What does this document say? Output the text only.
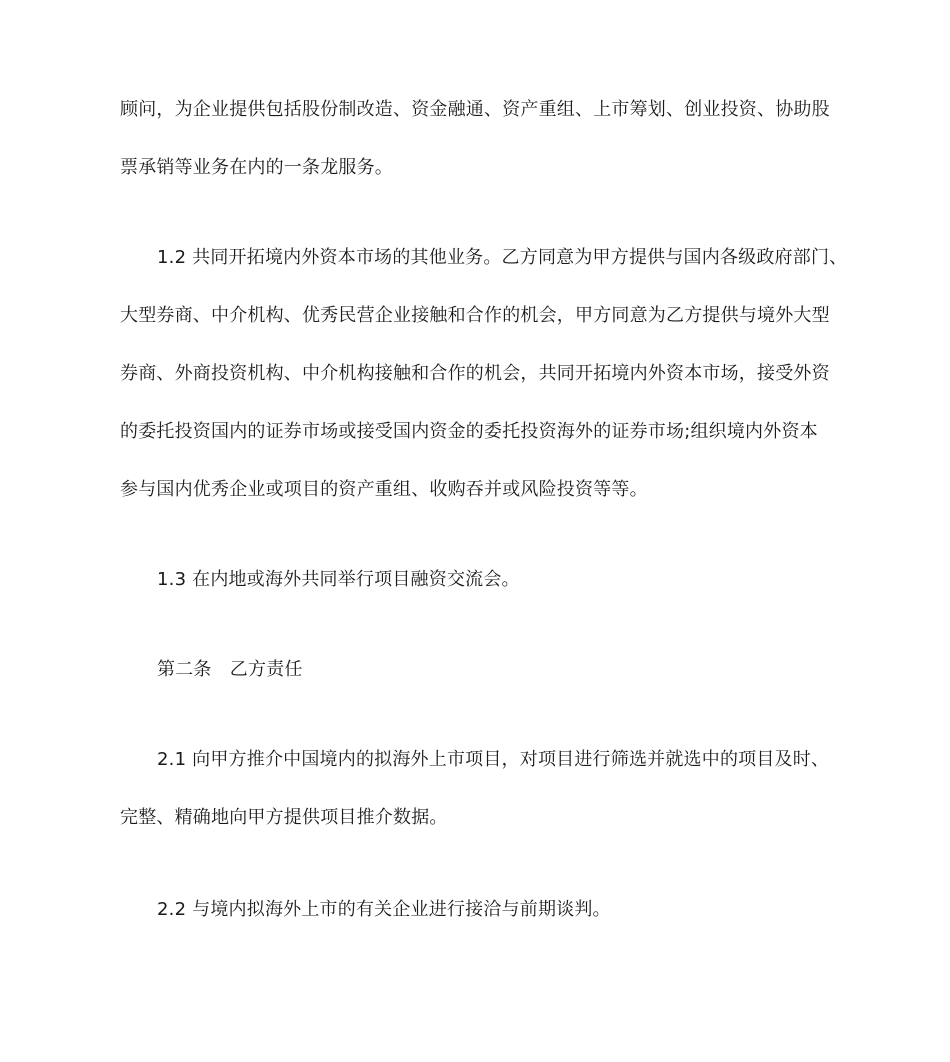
顾问，为企业提供包括股份制改造、资金融通、资产重组、上市筹划、创业投资、协助股
票承销等业务在内的一条龙服务。
1.2 共同开拓境内外资本市场的其他业务。乙方同意为甲方提供与国内各级政府部门、
大型券商、中介机构、优秀民营企业接触和合作的机会，甲方同意为乙方提供与境外大型
券商、外商投资机构、中介机构接触和合作的机会，共同开拓境内外资本市场，接受外资
的委托投资国内的证券市场或接受国内资金的委托投资海外的证券市场;组织境内外资本
参与国内优秀企业或项目的资产重组、收购吞并或风险投资等等。
1.3 在内地或海外共同举行项目融资交流会。
第二条　乙方责任
2.1 向甲方推介中国境内的拟海外上市项目，对项目进行筛选并就选中的项目及时、
完整、精确地向甲方提供项目推介数据。
2.2 与境内拟海外上市的有关企业进行接洽与前期谈判。
